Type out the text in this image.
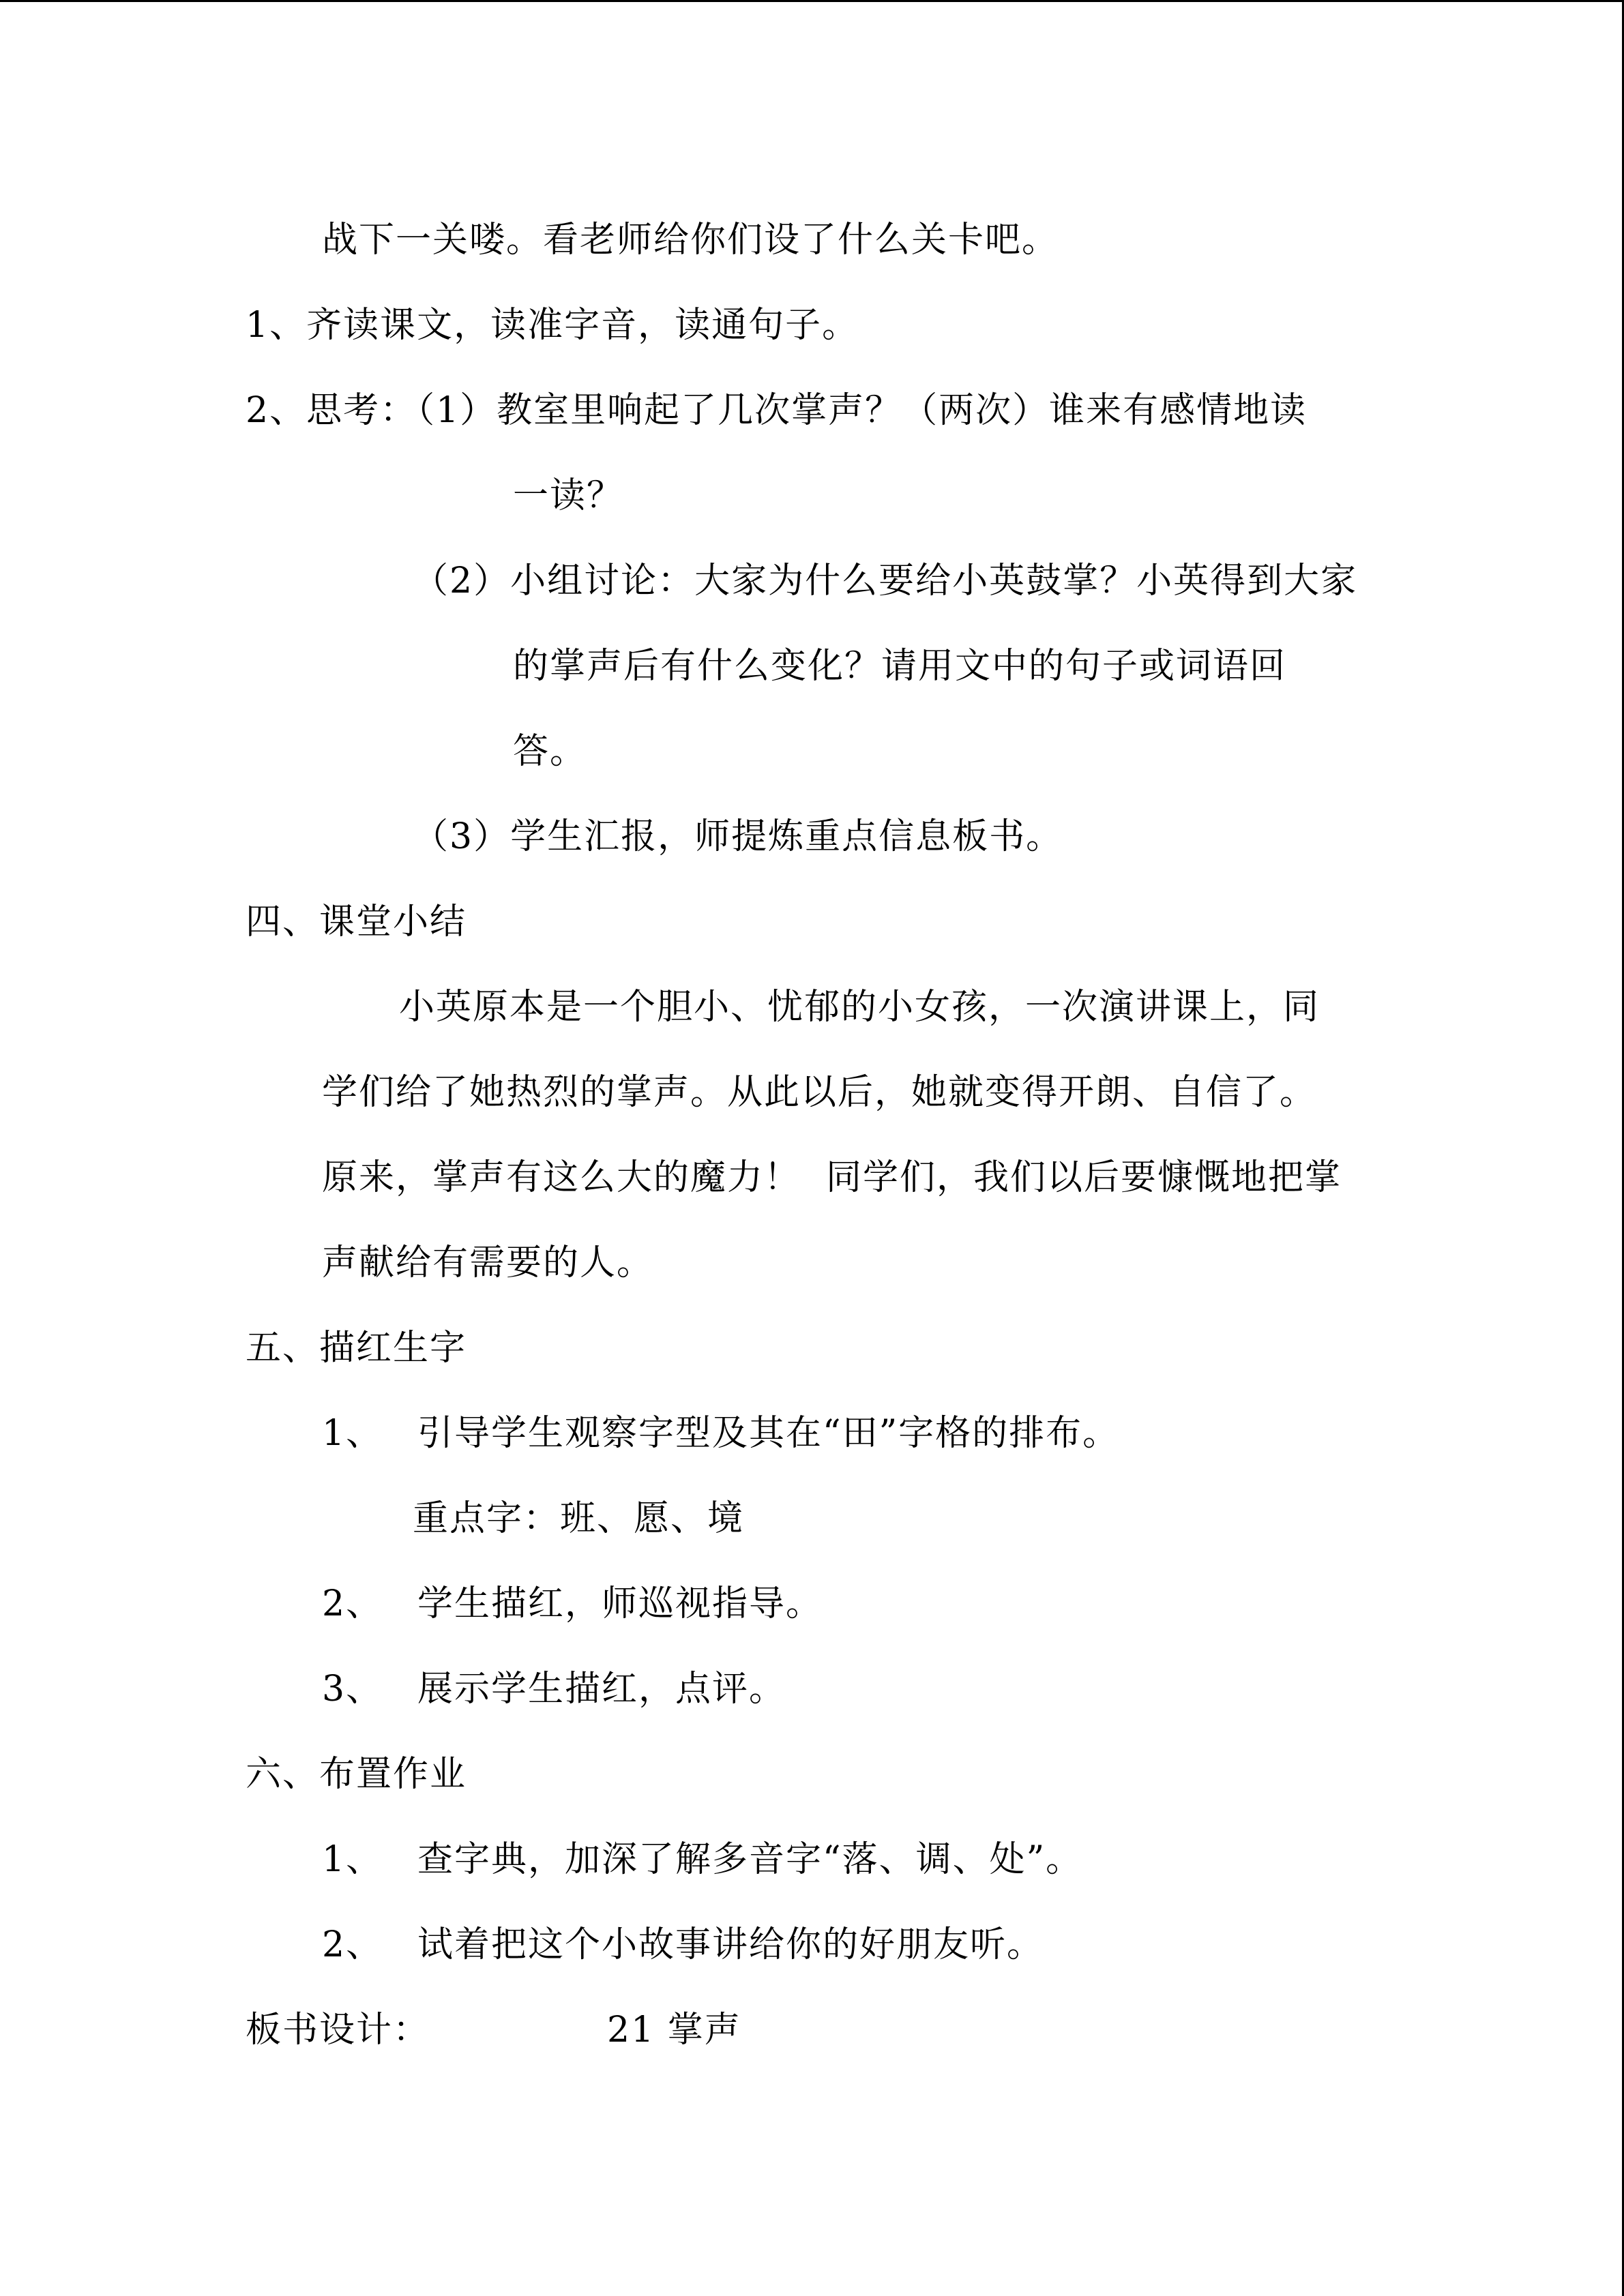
战下一关喽。看老师给你们设了什么关卡吧。
1、齐读课文，读准字音，读通句子。
2、思考：（1）教室里响起了几次掌声？（两次）谁来有感情地读
一读？
（2）小组讨论：大家为什么要给小英鼓掌？小英得到大家
的掌声后有什么变化？请用文中的句子或词语回
答。
（3）学生汇报，师提炼重点信息板书。
四、课堂小结
小英原本是一个胆小、忧郁的小女孩，一次演讲课上，同
学们给了她热烈的掌声。从此以后，她就变得开朗、自信了。
原来，掌声有这么大的魔力！  同学们，我们以后要慷慨地把掌
声献给有需要的人。
五、描红生字
1、 引导学生观察字型及其在“田”字格的排布。
重点字：班、愿、境
2、 学生描红，师巡视指导。
3、 展示学生描红，点评。
六、布置作业
1、 查字典，加深了解多音字“落、调、处”。
2、 试着把这个小故事讲给你的好朋友听。
板书设计：	21 掌声
